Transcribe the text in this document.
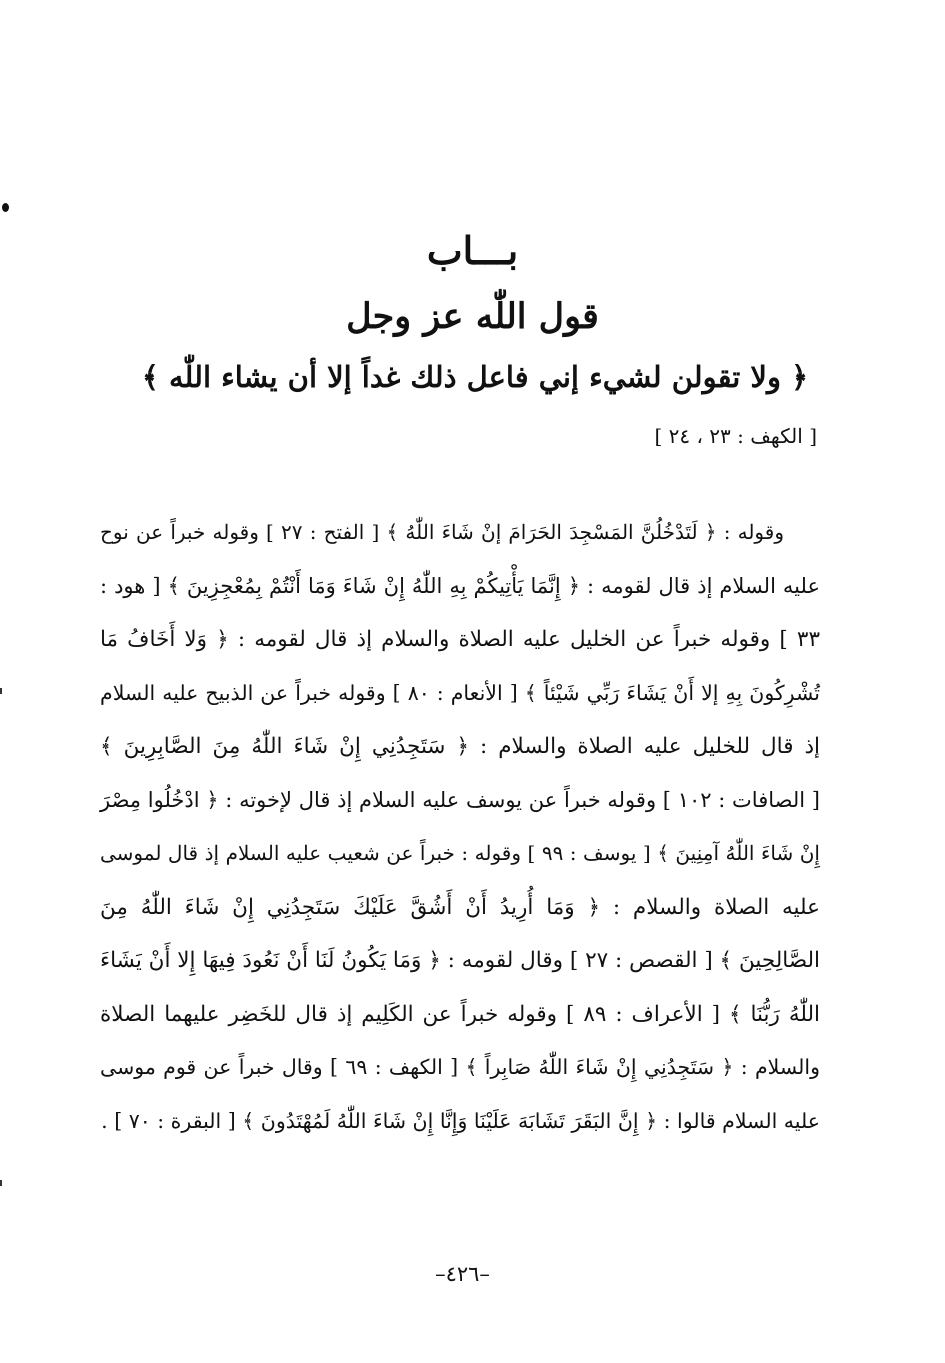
بـــاب
قول اللّٰه عز وجل
﴿ ولا تقولن لشيء إني فاعل ذلك غداً إلا أن يشاء اللّٰه ﴾
[ الكهف : ٢٣ ، ٢٤ ]
وقوله : ﴿ لَتَدْخُلُنَّ المَسْجِدَ الحَرَامَ إنْ شَاءَ اللّٰهُ ﴾ [ الفتح : ٢٧ ] وقوله خبراً عن نوح
عليه السلام إذ قال لقومه : ﴿ إِنَّمَا يَأْتِيكُمْ بِهِ اللّٰهُ إِنْ شَاءَ وَمَا أَنْتُمْ بِمُعْجِزِينَ ﴾ [ هود :
٣٣ ] وقوله خبراً عن الخليل عليه الصلاة والسلام إذ قال لقومه : ﴿ وَلا أَخَافُ مَا
تُشْرِكُونَ بِهِ إلا أَنْ يَشَاءَ رَبِّي شَيْئاً ﴾ [ الأنعام : ٨٠ ] وقوله خبراً عن الذبيح عليه السلام
إذ قال للخليل عليه الصلاة والسلام : ﴿ سَتَجِدُنِي إِنْ شَاءَ اللّٰهُ مِنَ الصَّابِرِينَ ﴾
[ الصافات : ١٠٢ ] وقوله خبراً عن يوسف عليه السلام إذ قال لإخوته : ﴿ ادْخُلُوا مِصْرَ
إِنْ شَاءَ اللّٰهُ آمِنِينَ ﴾ [ يوسف : ٩٩ ] وقوله : خبراً عن شعيب عليه السلام إذ قال لموسى
عليه الصلاة والسلام : ﴿ وَمَا أُرِيدُ أَنْ أَشُقَّ عَلَيْكَ سَتَجِدُنِي إِنْ شَاءَ اللّٰهُ مِنَ
الصَّالِحِينَ ﴾ [ القصص : ٢٧ ] وقال لقومه : ﴿ وَمَا يَكُونُ لَنَا أَنْ نَعُودَ فِيهَا إِلا أَنْ يَشَاءَ
اللّٰهُ رَبُّنَا ﴾ [ الأعراف : ٨٩ ] وقوله خبراً عن الكَلِيم إذ قال للخَضِر عليهما الصلاة
والسلام : ﴿ سَتَجِدُنِي إِنْ شَاءَ اللّٰهُ صَابِراً ﴾ [ الكهف : ٦٩ ] وقال خبراً عن قوم موسى
عليه السلام قالوا : ﴿ إِنَّ البَقَرَ تَشَابَهَ عَلَيْنَا وَإِنَّا إِنْ شَاءَ اللّٰهُ لَمُهْتَدُونَ ﴾ [ البقرة : ٧٠ ] .
–٤٢٦–
